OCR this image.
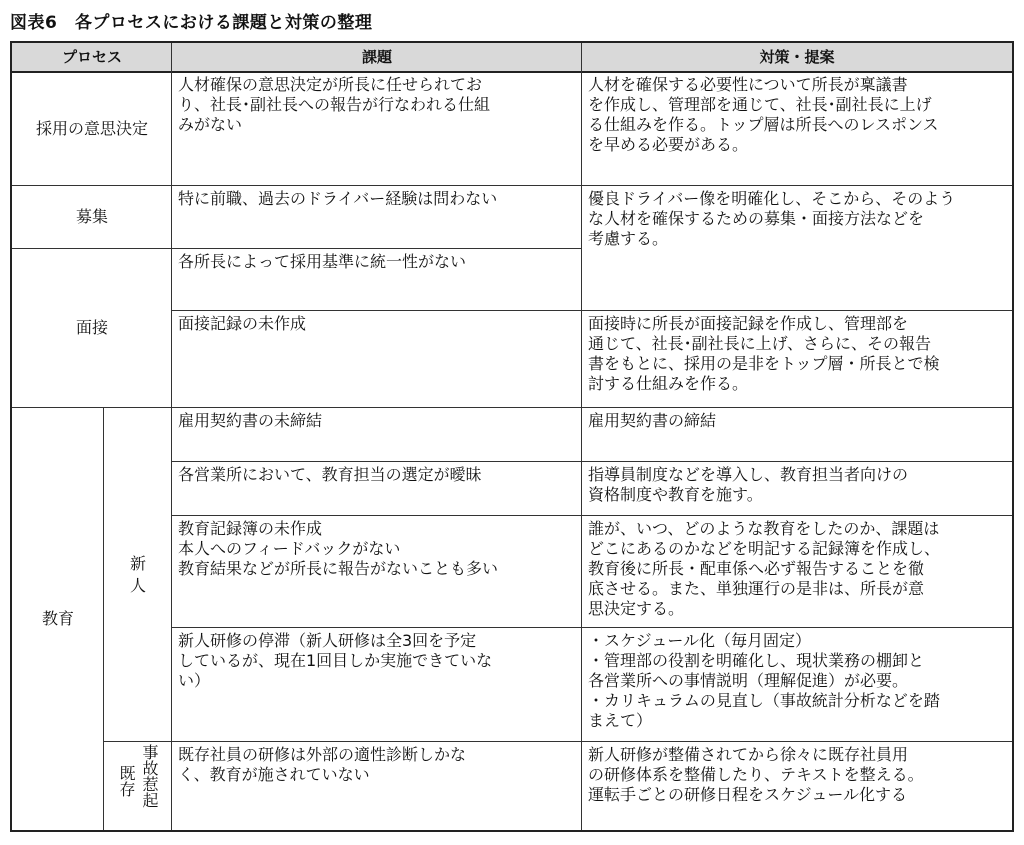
図表6　各プロセスにおける課題と対策の整理
プロセス	課題	対策・提案
採用の意思決定
募集
面接
教育
新
人
事故惹起
既存
人材確保の意思決定が所長に任せられてお
り、社長･副社長への報告が行なわれる仕組
みがない
特に前職、過去のドライバー経験は問わない
各所長によって採用基準に統一性がない
面接記録の未作成
雇用契約書の未締結
各営業所において、教育担当の選定が曖昧
教育記録簿の未作成
本人へのフィードバックがない
教育結果などが所長に報告がないことも多い
新人研修の停滞（新人研修は全3回を予定
しているが、現在1回目しか実施できていな
い）
既存社員の研修は外部の適性診断しかな
く、教育が施されていない
人材を確保する必要性について所長が稟議書
を作成し、管理部を通じて、社長･副社長に上げ
る仕組みを作る。トップ層は所長へのレスポンス
を早める必要がある。
優良ドライバー像を明確化し、そこから、そのよう
な人材を確保するための募集・面接方法などを
考慮する。
面接時に所長が面接記録を作成し、管理部を
通じて、社長･副社長に上げ、さらに、その報告
書をもとに、採用の是非をトップ層・所長とで検
討する仕組みを作る。
雇用契約書の締結
指導員制度などを導入し、教育担当者向けの
資格制度や教育を施す。
誰が、いつ、どのような教育をしたのか、課題は
どこにあるのかなどを明記する記録簿を作成し、
教育後に所長・配車係へ必ず報告することを徹
底させる。また、単独運行の是非は、所長が意
思決定する。
・スケジュール化（毎月固定）
・管理部の役割を明確化し、現状業務の棚卸と
各営業所への事情説明（理解促進）が必要。
・カリキュラムの見直し（事故統計分析などを踏
まえて）
新人研修が整備されてから徐々に既存社員用
の研修体系を整備したり、テキストを整える。
運転手ごとの研修日程をスケジュール化する
